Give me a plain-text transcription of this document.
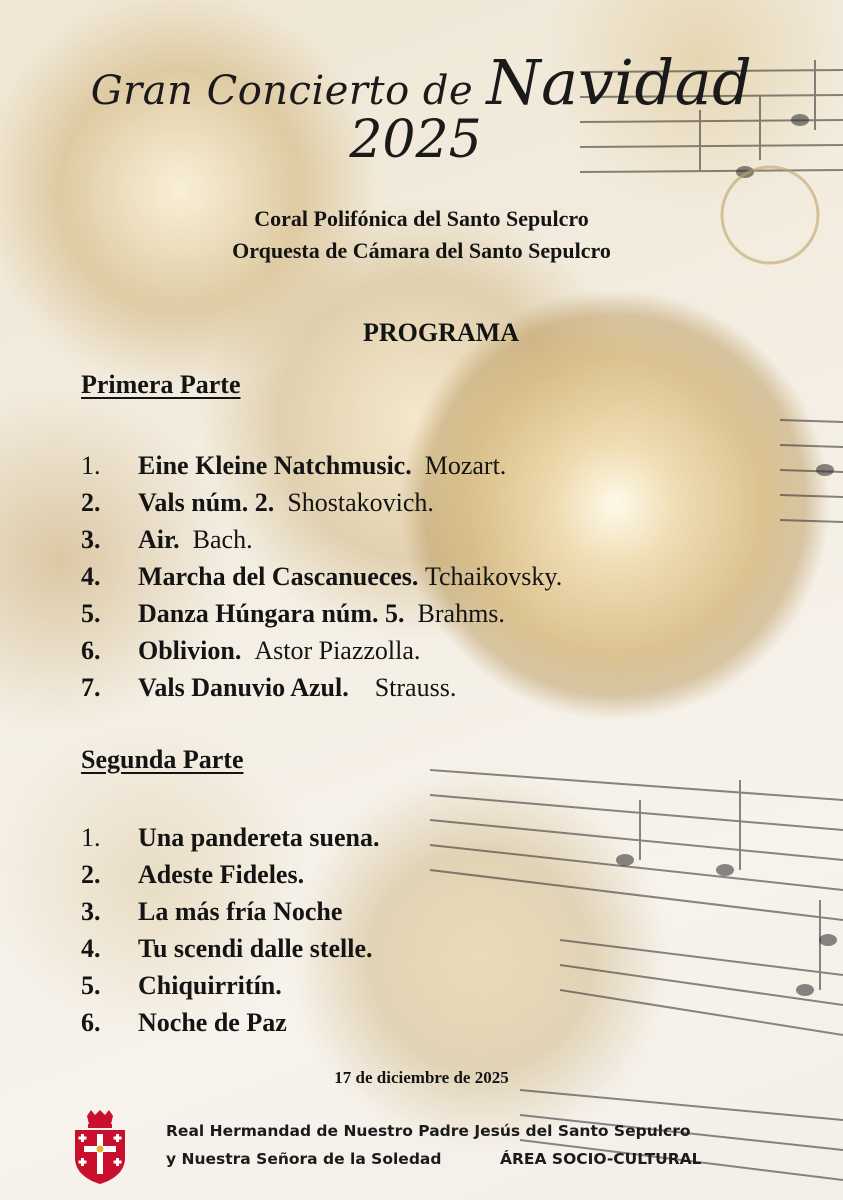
Gran Concierto de Navidad
2025
Coral Polifónica del Santo Sepulcro
Orquesta de Cámara del Santo Sepulcro
PROGRAMA
Primera Parte
1. Eine Kleine Natchmusic. Mozart.
2. Vals núm. 2. Shostakovich.
3. Air. Bach.
4. Marcha del Cascanueces. Tchaikovsky.
5. Danza Húngara núm. 5. Brahms.
6. Oblivion. Astor Piazzolla.
7. Vals Danuvio Azul. Strauss.
Segunda Parte
1. Una pandereta suena.
2. Adeste Fideles.
3. La más fría Noche
4. Tu scendi dalle stelle.
5. Chiquirritín.
6. Noche de Paz
17 de diciembre de 2025
Real Hermandad de Nuestro Padre Jesús del Santo Sepulcro
y Nuestra Señora de la Soledad	ÁREA SOCIO-CULTURAL
